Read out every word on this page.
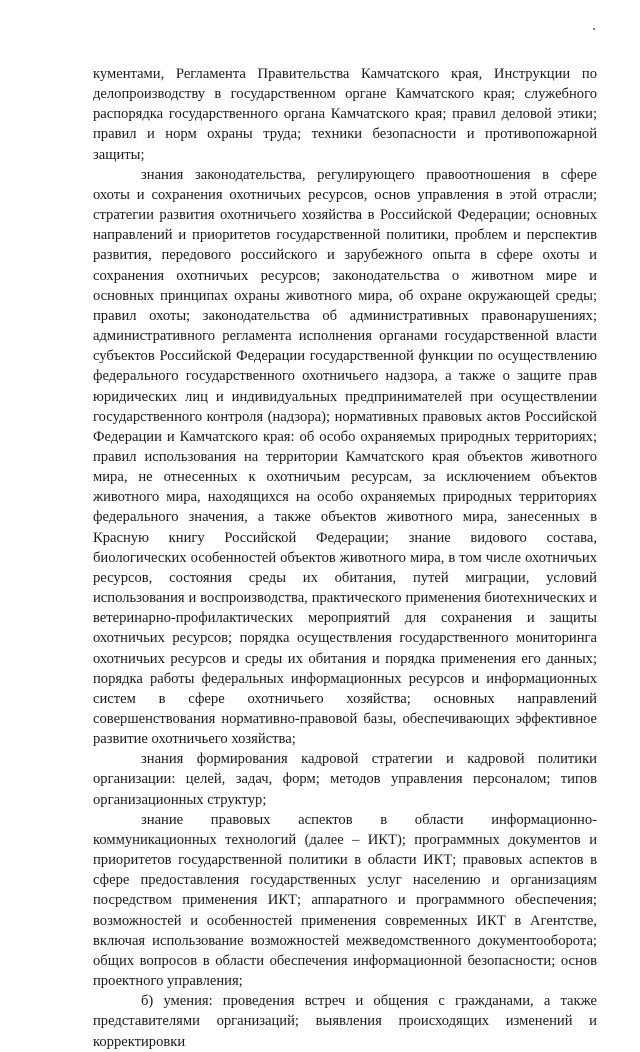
кументами, Регламента Правительства Камчатского края, Инструкции по делопроизводству в государственном органе Камчатского края; служебного распорядка государственного органа Камчатского края; правил деловой этики; правил и норм охраны труда; техники безопасности и противопожарной защиты;

знания законодательства, регулирующего правоотношения в сфере охоты и сохранения охотничьих ресурсов, основ управления в этой отрасли; стратегии развития охотничьего хозяйства в Российской Федерации; основных направлений и приоритетов государственной политики, проблем и перспектив развития, передового российского и зарубежного опыта в сфере охоты и сохранения охотничьих ресурсов; законодательства о животном мире и основных принципах охраны животного мира, об охране окружающей среды; правил охоты; законодательства об административных правонарушениях; административного регламента исполнения органами государственной власти субъектов Российской Федерации государственной функции по осуществлению федерального государственного охотничьего надзора, а также о защите прав юридических лиц и индивидуальных предпринимателей при осуществлении государственного контроля (надзора); нормативных правовых актов Российской Федерации и Камчатского края: об особо охраняемых природных территориях; правил использования на территории Камчатского края объектов животного мира, не отнесенных к охотничьим ресурсам, за исключением объектов животного мира, находящихся на особо охраняемых природных территориях федерального значения, а также объектов животного мира, занесенных в Красную книгу Российской Федерации; знание видового состава, биологических особенностей объектов животного мира, в том числе охотничьих ресурсов, состояния среды их обитания, путей миграции, условий использования и воспроизводства, практического применения биотехнических и ветеринарно-профилактических мероприятий для сохранения и защиты охотничьих ресурсов; порядка осуществления государственного мониторинга охотничьих ресурсов и среды их обитания и порядка применения его данных; порядка работы федеральных информационных ресурсов и информационных систем в сфере охотничьего хозяйства; основных направлений совершенствования нормативно-правовой базы, обеспечивающих эффективное развитие охотничьего хозяйства;

знания формирования кадровой стратегии и кадровой политики организации: целей, задач, форм; методов управления персоналом; типов организационных структур;

знание правовых аспектов в области информационно-коммуникационных технологий (далее – ИКТ); программных документов и приоритетов государственной политики в области ИКТ; правовых аспектов в сфере предоставления государственных услуг населению и организациям посредством применения ИКТ; аппаратного и программного обеспечения; возможностей и особенностей применения современных ИКТ в Агентстве, включая использование возможностей межведомственного документооборота; общих вопросов в области обеспечения информационной безопасности; основ проектного управления;

б) умения: проведения встреч и общения с гражданами, а также представителями организаций; выявления происходящих изменений и корректировки
